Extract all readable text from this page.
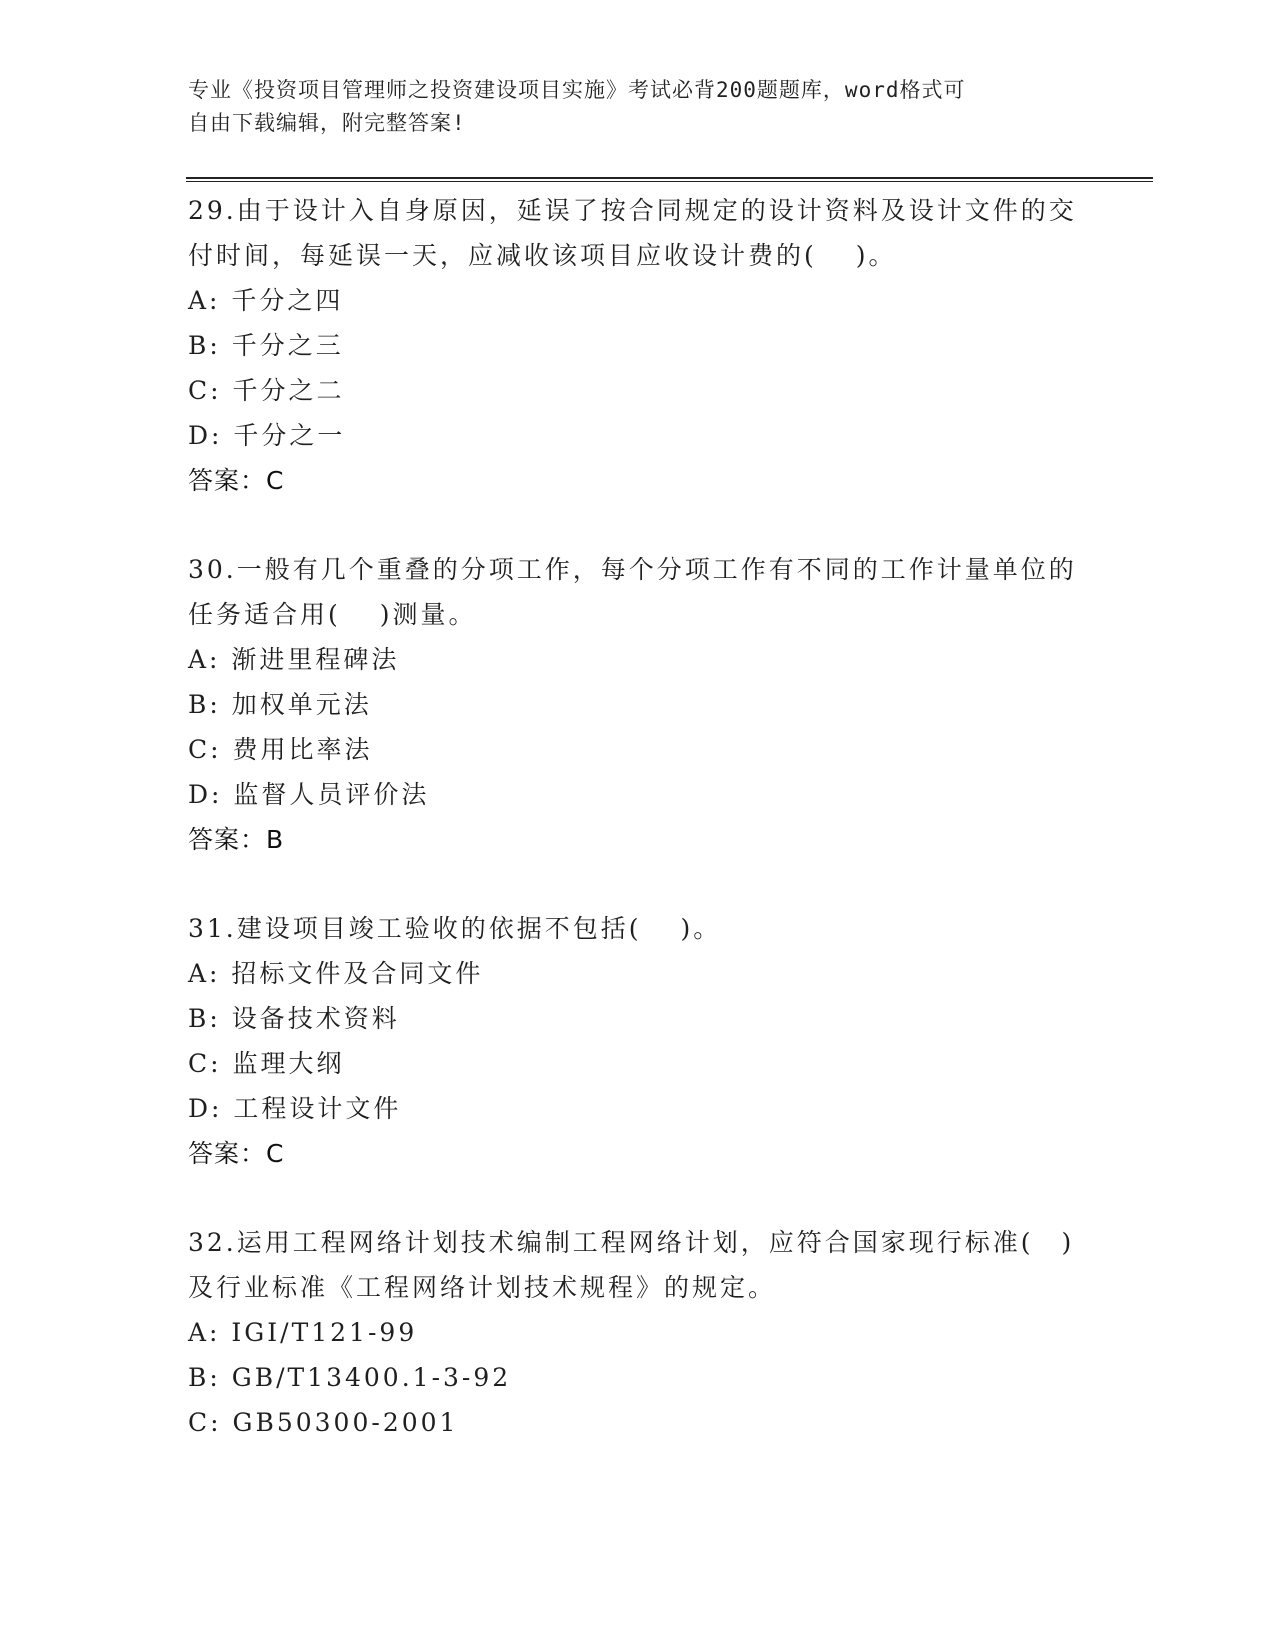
专业《投资项目管理师之投资建设项目实施》考试必背200题题库，word格式可
自由下载编辑，附完整答案!

29.由于设计入自身原因，延误了按合同规定的设计资料及设计文件的交付时间，每延误一天，应减收该项目应收设计费的(　 )。

A: 千分之四

B: 千分之三

C: 千分之二

D: 千分之一

答案：C

30.一般有几个重叠的分项工作，每个分项工作有不同的工作计量单位的任务适合用(　 )测量。

A: 渐进里程碑法

B: 加权单元法

C: 费用比率法

D: 监督人员评价法

答案：B

31.建设项目竣工验收的依据不包括(　 )。

A: 招标文件及合同文件

B: 设备技术资料

C: 监理大纲

D: 工程设计文件

答案：C

32.运用工程网络计划技术编制工程网络计划，应符合国家现行标准(　)及行业标准《工程网络计划技术规程》的规定。

A: IGI/T121-99

B: GB/T13400.1-3-92

C: GB50300-2001
